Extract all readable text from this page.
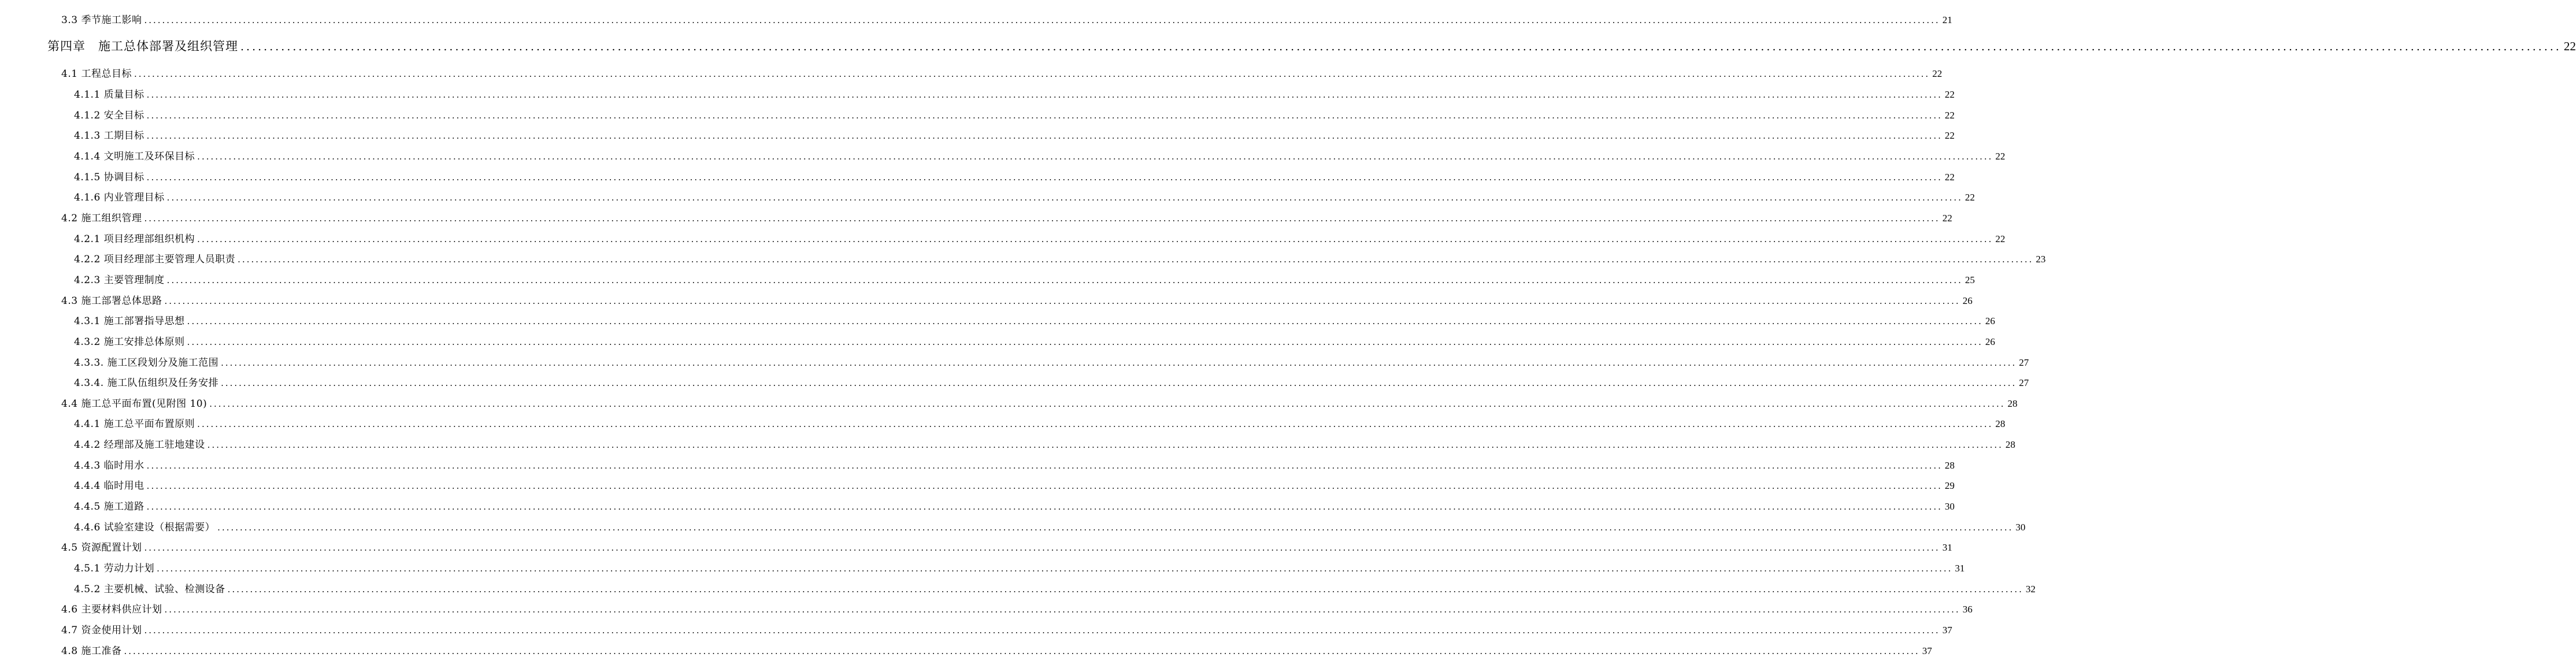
3.3 季节施工影响 ................................................................................................................................................................................................................................................................................................................................................................................................................ 21
第四章　施工总体部署及组织管理 ................................................................................................................................................................................................................................................................................................................................................................................................................ 22
4.1 工程总目标 ................................................................................................................................................................................................................................................................................................................................................................................................................ 22
4.1.1 质量目标 ................................................................................................................................................................................................................................................................................................................................................................................................................ 22
4.1.2 安全目标 ................................................................................................................................................................................................................................................................................................................................................................................................................ 22
4.1.3 工期目标 ................................................................................................................................................................................................................................................................................................................................................................................................................ 22
4.1.4 文明施工及环保目标 ................................................................................................................................................................................................................................................................................................................................................................................................................ 22
4.1.5 协调目标 ................................................................................................................................................................................................................................................................................................................................................................................................................ 22
4.1.6 内业管理目标 ................................................................................................................................................................................................................................................................................................................................................................................................................ 22
4.2 施工组织管理 ................................................................................................................................................................................................................................................................................................................................................................................................................ 22
4.2.1 项目经理部组织机构 ................................................................................................................................................................................................................................................................................................................................................................................................................ 22
4.2.2 项目经理部主要管理人员职责 ................................................................................................................................................................................................................................................................................................................................................................................................................ 23
4.2.3 主要管理制度 ................................................................................................................................................................................................................................................................................................................................................................................................................ 25
4.3 施工部署总体思路 ................................................................................................................................................................................................................................................................................................................................................................................................................ 26
4.3.1 施工部署指导思想 ................................................................................................................................................................................................................................................................................................................................................................................................................ 26
4.3.2 施工安排总体原则 ................................................................................................................................................................................................................................................................................................................................................................................................................ 26
4.3.3. 施工区段划分及施工范围 ................................................................................................................................................................................................................................................................................................................................................................................................................ 27
4.3.4. 施工队伍组织及任务安排 ................................................................................................................................................................................................................................................................................................................................................................................................................ 27
4.4 施工总平面布置(见附图 10) ................................................................................................................................................................................................................................................................................................................................................................................................................ 28
4.4.1 施工总平面布置原则 ................................................................................................................................................................................................................................................................................................................................................................................................................ 28
4.4.2 经理部及施工驻地建设 ................................................................................................................................................................................................................................................................................................................................................................................................................ 28
4.4.3 临时用水 ................................................................................................................................................................................................................................................................................................................................................................................................................ 28
4.4.4 临时用电 ................................................................................................................................................................................................................................................................................................................................................................................................................ 29
4.4.5 施工道路 ................................................................................................................................................................................................................................................................................................................................................................................................................ 30
4.4.6 试验室建设（根据需要） ................................................................................................................................................................................................................................................................................................................................................................................................................ 30
4.5 资源配置计划 ................................................................................................................................................................................................................................................................................................................................................................................................................ 31
4.5.1 劳动力计划 ................................................................................................................................................................................................................................................................................................................................................................................................................ 31
4.5.2 主要机械、试验、检测设备 ................................................................................................................................................................................................................................................................................................................................................................................................................ 32
4.6 主要材料供应计划 ................................................................................................................................................................................................................................................................................................................................................................................................................ 36
4.7 资金使用计划 ................................................................................................................................................................................................................................................................................................................................................................................................................ 37
4.8 施工准备 ................................................................................................................................................................................................................................................................................................................................................................................................................ 37
